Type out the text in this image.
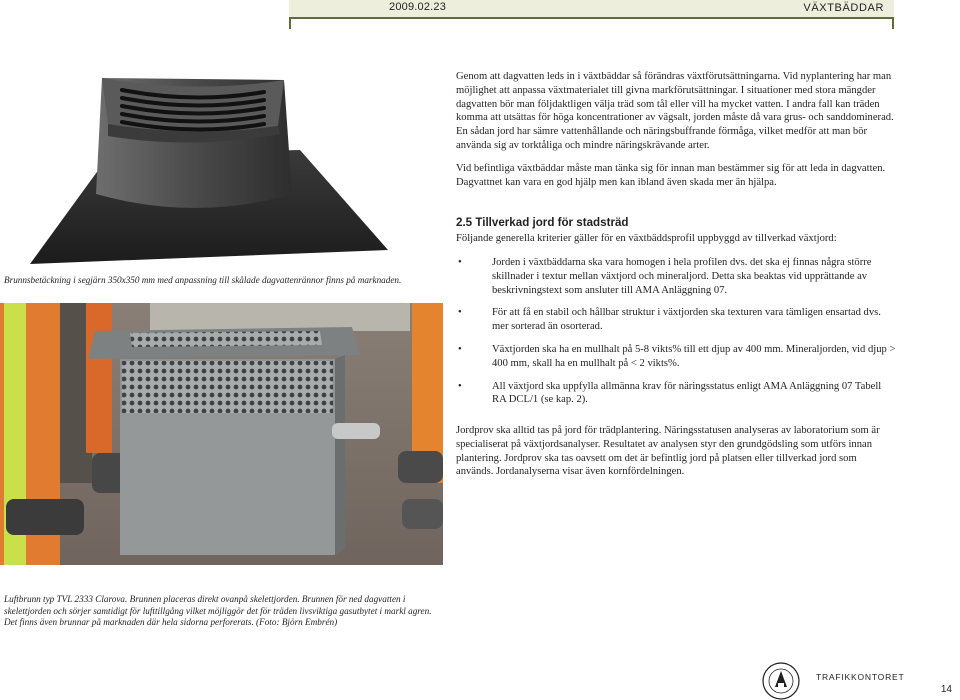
2009.02.23	VÄXTBÄDDAR
Brunnsbetäckning i segjärn 350x350 mm med anpassning till skålade dagvattenrännor finns på marknaden.
Luftbrunn typ TVL 2333 Clarova. Brunnen placeras direkt ovanpå skelettjorden. Brunnen för ned dagvatten i skelettjorden och sörjer samtidigt för lufttillgång vilket möjliggör det för träden livsviktiga gasutbytet i markl agren. Det finns även brunnar på marknaden där hela sidorna perforerats. (Foto: Björn Embrén)

Genom att dagvatten leds in i växtbäddar så förändras växtförutsättningarna. Vid nyplantering har man möjlighet att anpassa växtmaterialet till givna markförutsättningar. I situationer med stora mängder dagvatten bör man följdaktligen välja träd som tål eller vill ha mycket vatten. I andra fall kan träden komma att utsättas för höga koncentrationer av vägsalt, jorden måste då vara grus- och sanddominerad. En sådan jord har sämre vattenhållande och näringsbuffrande förmåga, vilket medför att man bör använda sig av torktåliga och mindre näringskrävande arter.

Vid befintliga växtbäddar måste man tänka sig för innan man bestämmer sig för att leda in dagvatten. Dagvattnet kan vara en god hjälp men kan ibland även skada mer än hjälpa.

2.5 Tillverkad jord för stadsträd

Följande generella kriterier gäller för en växtbäddsprofil uppbyggd av tillverkad växtjord:

•	Jorden i växtbäddarna ska vara homogen i hela profilen dvs. det ska ej finnas några större skillnader i textur mellan växtjord och mineraljord. Detta ska beaktas vid upprättande av beskrivningstext som ansluter till AMA Anläggning 07.
•	För att få en stabil och hållbar struktur i växtjorden ska texturen vara tämligen ensartad dvs. mer sorterad än osorterad.
•	Växtjorden ska ha en mullhalt på 5-8 vikts% till ett djup av 400 mm. Mineraljorden, vid djup > 400 mm, skall ha en mullhalt på < 2 vikts%.
•	All växtjord ska uppfylla allmänna krav för näringsstatus enligt AMA Anläggning 07 Tabell RA DCL/1 (se kap. 2).

Jordprov ska alltid tas på jord för trädplantering. Näringsstatusen analyseras av laboratorium som är specialiserat på växtjordsanalyser. Resultatet av analysen styr den grundgödsling som utförs innan plantering. Jordprov ska tas oavsett om det är befintlig jord på platsen eller tillverkad jord som används. Jordanalyserna visar även kornfördelningen.

TRAFIKKONTORET
14
